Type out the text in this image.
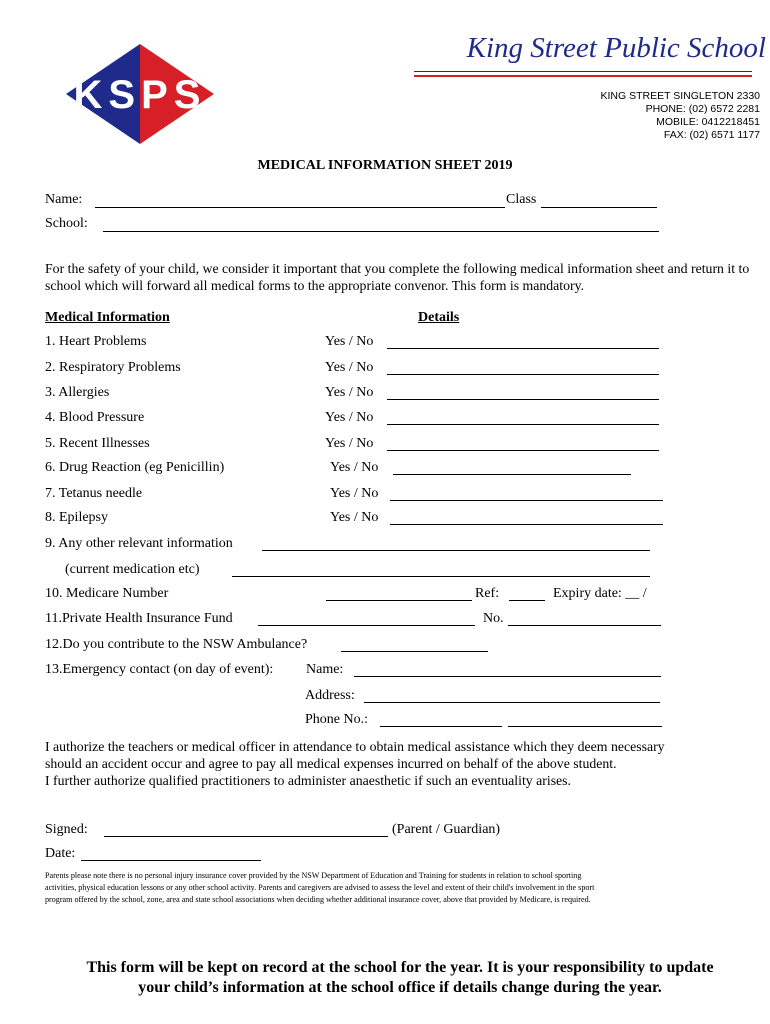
KSPS
King Street Public School
KING STREET SINGLETON 2330
PHONE: (02) 6572 2281
MOBILE: 0412218451
FAX: (02) 6571 1177
MEDICAL INFORMATION SHEET 2019
Name:	Class
School:
For the safety of your child, we consider it important that you complete the following medical information sheet and return it to school which will forward all medical forms to the appropriate convenor. This form is mandatory.
Medical Information	Details
1. Heart Problems	Yes / No
2. Respiratory Problems	Yes / No
3. Allergies	Yes / No
4. Blood Pressure	Yes / No
5. Recent Illnesses	Yes / No
6. Drug Reaction (eg Penicillin)	Yes / No
7. Tetanus needle	Yes / No
8. Epilepsy	Yes / No
9. Any other relevant information
(current medication etc)
10. Medicare Number	Ref:	Expiry date: __ /
11.Private Health Insurance Fund	No.
12.Do you contribute to the NSW Ambulance?
13.Emergency contact (on day of event): Name:
Address:
Phone No.:
I authorize the teachers or medical officer in attendance to obtain medical assistance which they deem necessary
should an accident occur and agree to pay all medical expenses incurred on behalf of the above student.
I further authorize qualified practitioners to administer anaesthetic if such an eventuality arises.
Signed:	(Parent / Guardian)
Date:
Parents please note there is no personal injury insurance cover provided by the NSW Department of Education and Training for students in relation to school sporting
activities, physical education lessons or any other school activity. Parents and caregivers are advised to assess the level and extent of their child's involvement in the sport
program offered by the school, zone, area and state school associations when deciding whether additional insurance cover, above that provided by Medicare, is required.
This form will be kept on record at the school for the year. It is your responsibility to update
your child’s information at the school office if details change during the year.
